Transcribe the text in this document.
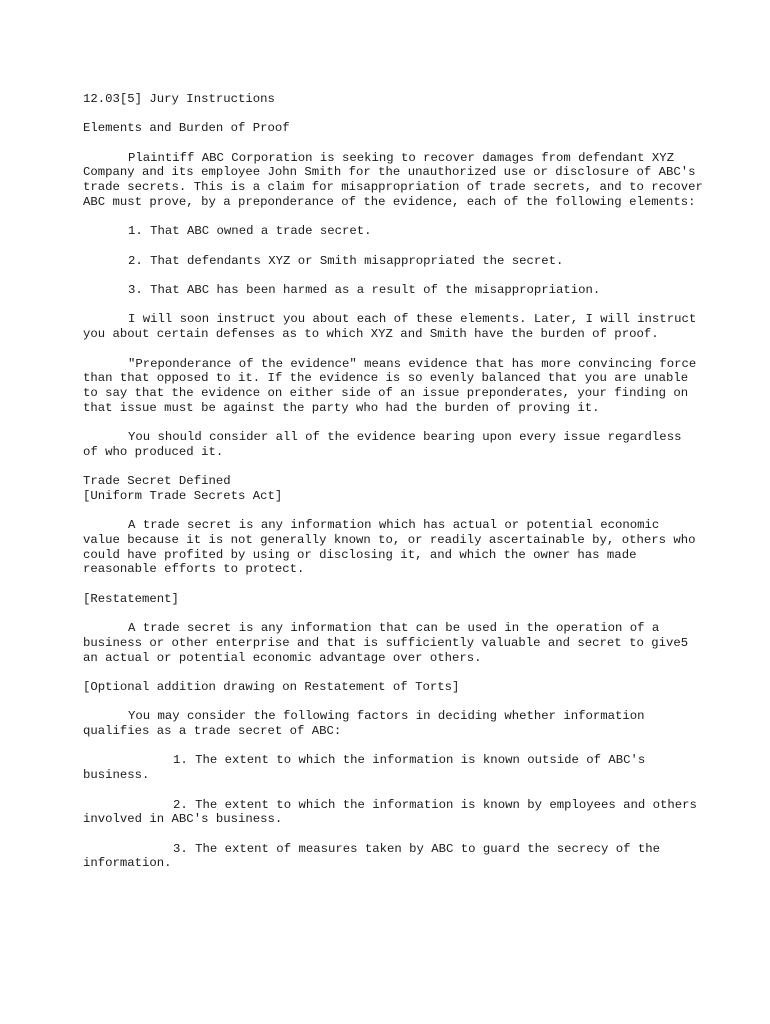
12.03[5] Jury Instructions

Elements and Burden of Proof

Plaintiff ABC Corporation is seeking to recover damages from defendant XYZ Company and its employee John Smith for the unauthorized use or disclosure of ABC's trade secrets. This is a claim for misappropriation of trade secrets, and to recover ABC must prove, by a preponderance of the evidence, each of the following elements:

1. That ABC owned a trade secret.

2. That defendants XYZ or Smith misappropriated the secret.

3. That ABC has been harmed as a result of the misappropriation.

I will soon instruct you about each of these elements. Later, I will instruct you about certain defenses as to which XYZ and Smith have the burden of proof.

"Preponderance of the evidence" means evidence that has more convincing force than that opposed to it. If the evidence is so evenly balanced that you are unable to say that the evidence on either side of an issue preponderates, your finding on that issue must be against the party who had the burden of proving it.

You should consider all of the evidence bearing upon every issue regardless of who produced it.

Trade Secret Defined

[Uniform Trade Secrets Act]

A trade secret is any information which has actual or potential economic value because it is not generally known to, or readily ascertainable by, others who could have profited by using or disclosing it, and which the owner has made reasonable efforts to protect.

[Restatement]

A trade secret is any information that can be used in the operation of a business or other enterprise and that is sufficiently valuable and secret to give5 an actual or potential economic advantage over others.

[Optional addition drawing on Restatement of Torts]

You may consider the following factors in deciding whether information qualifies as a trade secret of ABC:

1. The extent to which the information is known outside of ABC's business.

2. The extent to which the information is known by employees and others involved in ABC's business.

3. The extent of measures taken by ABC to guard the secrecy of the information.
